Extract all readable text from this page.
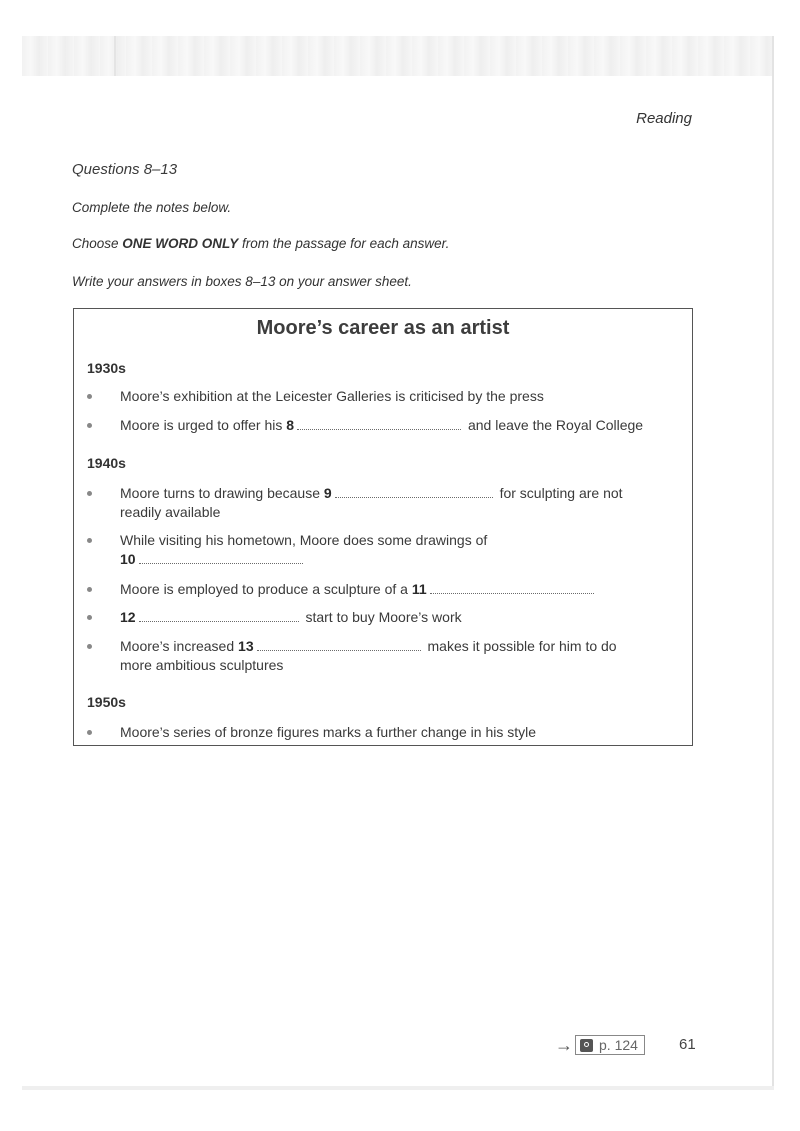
Reading
Questions 8–13
Complete the notes below.
Choose ONE WORD ONLY from the passage for each answer.
Write your answers in boxes 8–13 on your answer sheet.
Moore’s career as an artist
1930s
Moore’s exhibition at the Leicester Galleries is criticised by the press
Moore is urged to offer his 8	and leave the Royal College
1940s
Moore turns to drawing because 9	for sculpting are not
readily available
While visiting his hometown, Moore does some drawings of
10
Moore is employed to produce a sculpture of a 11
12	start to buy Moore’s work
Moore’s increased 13	makes it possible for him to do
more ambitious sculptures
1950s
Moore’s series of bronze figures marks a further change in his style
→ p. 124	61
